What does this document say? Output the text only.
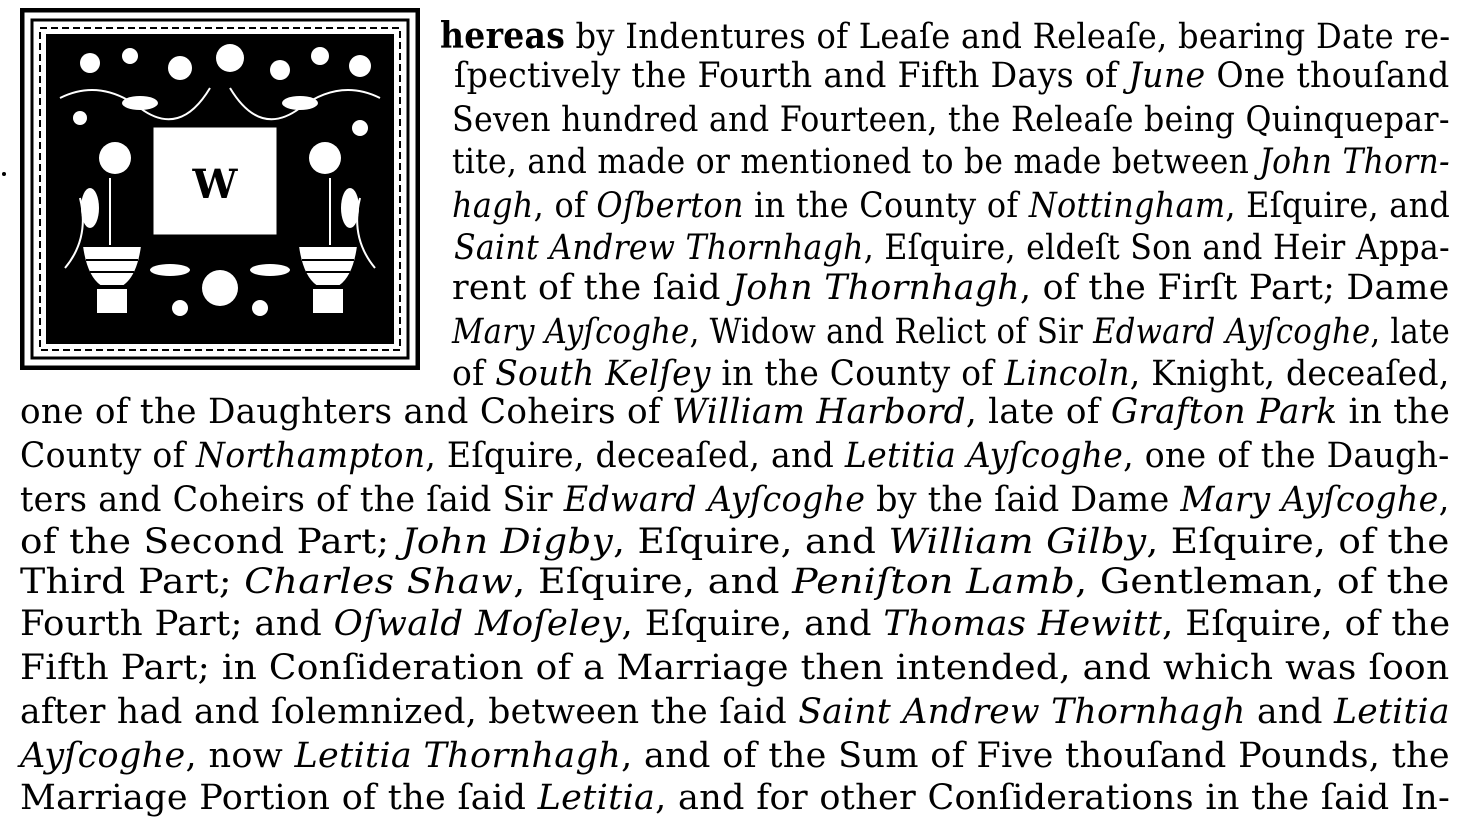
W
hereas by Indentures of Leaſe and Releaſe, bearing Date re-
ſpectively the Fourth and Fifth Days of June One thouſand
Seven hundred and Fourteen, the Releaſe being Quinquepar-
tite, and made or mentioned to be made between John Thorn-
hagh, of Oſberton in the County of Nottingham, Eſquire, and
Saint Andrew Thornhagh, Eſquire, eldeſt Son and Heir Appa-
rent of the ſaid John Thornhagh, of the Firſt Part; Dame
Mary Ayſcoghe, Widow and Relict of Sir Edward Ayſcoghe, late
of South Kelſey in the County of Lincoln, Knight, deceaſed,
one of the Daughters and Coheirs of William Harbord, late of Grafton Park in the
County of Northampton, Eſquire, deceaſed, and Letitia Ayſcoghe, one of the Daugh-
ters and Coheirs of the ſaid Sir Edward Ayſcoghe by the ſaid Dame Mary Ayſcoghe,
of the Second Part; John Digby, Eſquire, and William Gilby, Eſquire, of the
Third Part; Charles Shaw, Eſquire, and Peniſton Lamb, Gentleman, of the
Fourth Part; and Oſwald Moſeley, Eſquire, and Thomas Hewitt, Eſquire, of the
Fifth Part; in Conſideration of a Marriage then intended, and which was ſoon
after had and ſolemnized, between the ſaid Saint Andrew Thornhagh and Letitia
Ayſcoghe, now Letitia Thornhagh, and of the Sum of Five thouſand Pounds, the
Marriage Portion of the ſaid Letitia, and for other Conſiderations in the ſaid In-
